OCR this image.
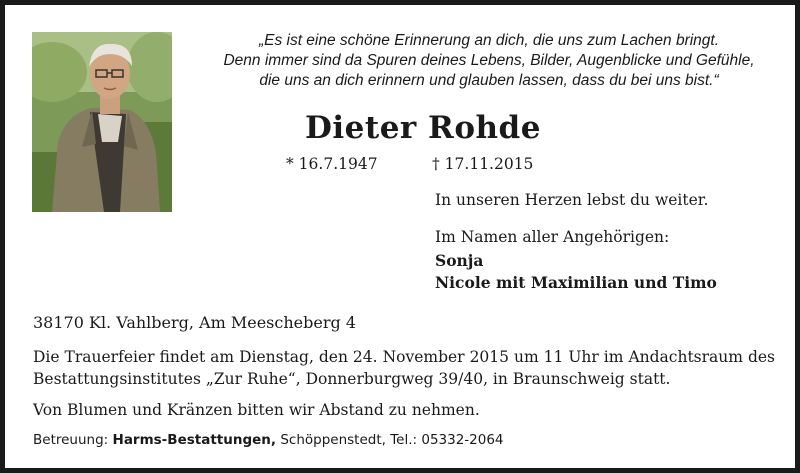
„Es ist eine schöne Erinnerung an dich, die uns zum Lachen bringt.
Denn immer sind da Spuren deines Lebens, Bilder, Augenblicke und Gefühle,
die uns an dich erinnern und glauben lassen, dass du bei uns bist.“
Dieter Rohde
* 16.7.1947	† 17.11.2015
In unseren Herzen lebst du weiter.
Im Namen aller Angehörigen:
Sonja
Nicole mit Maximilian und Timo
38170 Kl. Vahlberg, Am Meescheberg 4
Die Trauerfeier findet am Dienstag, den 24. November 2015 um 11 Uhr im Andachtsraum des
Bestattungsinstitutes „Zur Ruhe“, Donnerburgweg 39/40, in Braunschweig statt.
Von Blumen und Kränzen bitten wir Abstand zu nehmen.
Betreuung: Harms-Bestattungen, Schöppenstedt, Tel.: 05332-2064
